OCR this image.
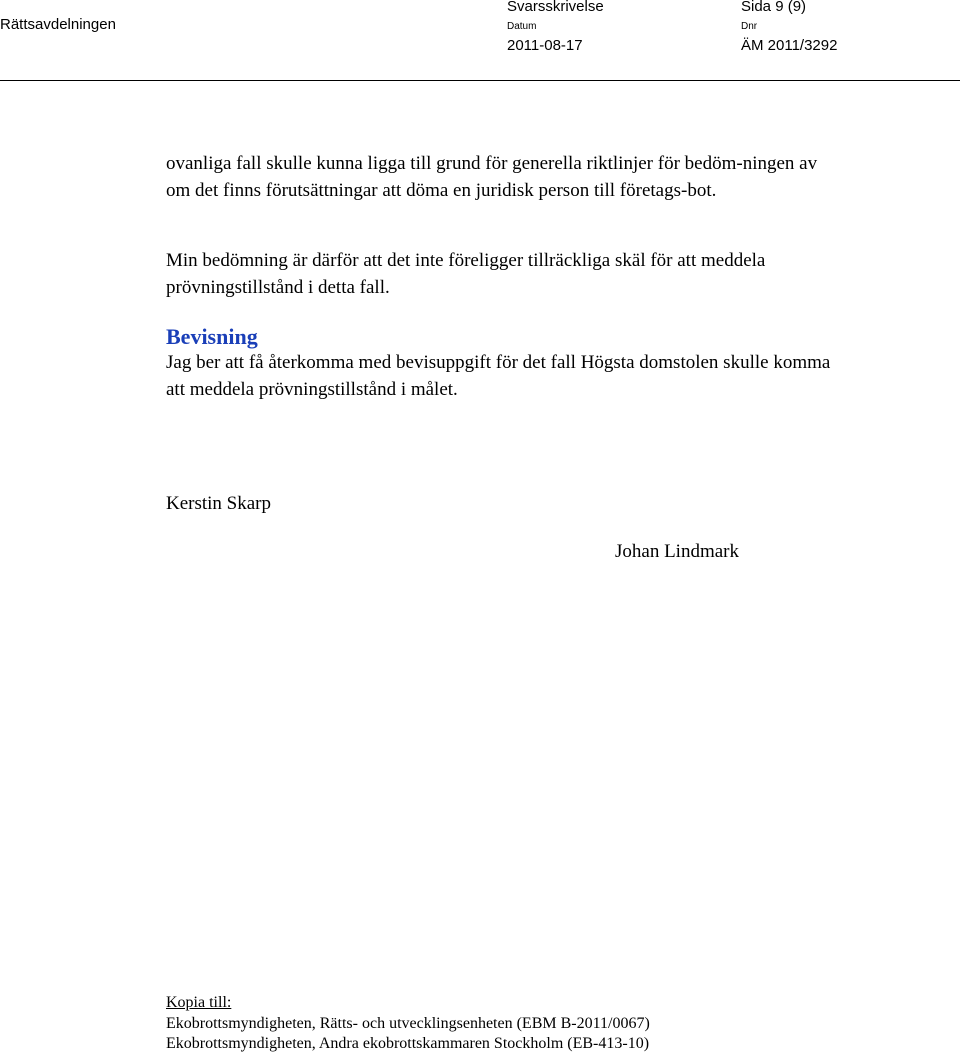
Rättsavdelningen
Svarsskrivelse	Sida 9 (9)
Datum	Dnr
2011-08-17	ÄM 2011/3292

ovanliga fall skulle kunna ligga till grund för generella riktlinjer för bedöm-ningen av om det finns förutsättningar att döma en juridisk person till företags-bot.

Min bedömning är därför att det inte föreligger tillräckliga skäl för att meddela prövningstillstånd i detta fall.

Bevisning

Jag ber att få återkomma med bevisuppgift för det fall Högsta domstolen skulle komma att meddela prövningstillstånd i målet.

Kerstin Skarp
Johan Lindmark
Kopia till:
Ekobrottsmyndigheten, Rätts- och utvecklingsenheten (EBM B-2011/0067)
Ekobrottsmyndigheten, Andra ekobrottskammaren Stockholm (EB-413-10)
